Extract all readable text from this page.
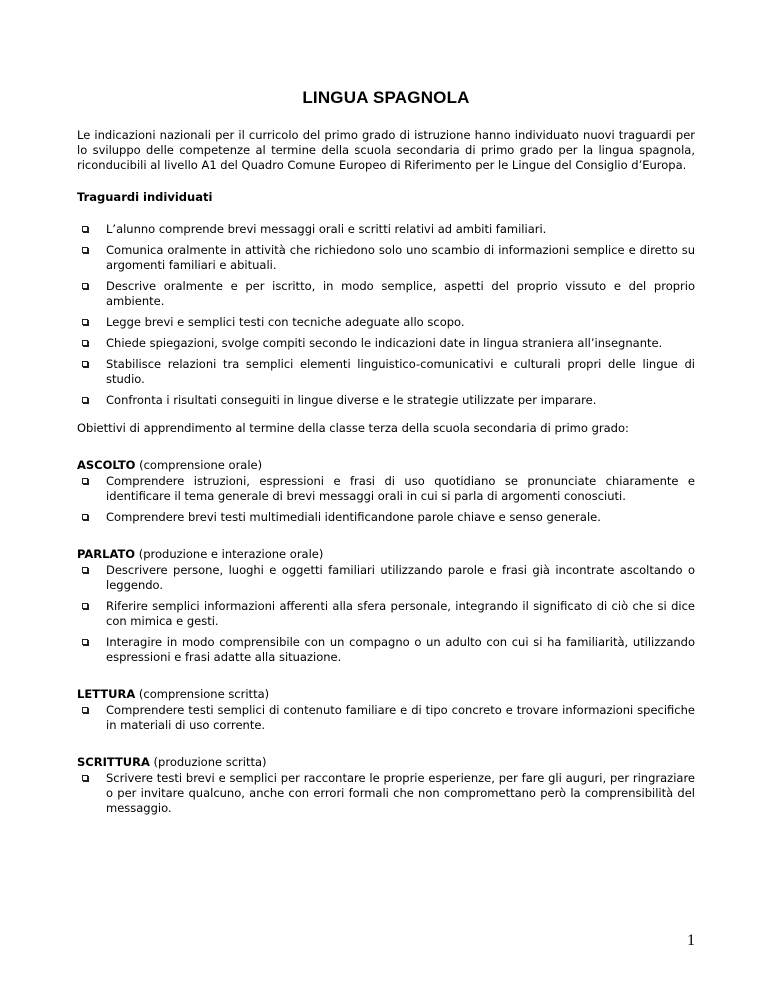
LINGUA SPAGNOLA

Le indicazioni nazionali per il curricolo del primo grado di istruzione hanno individuato nuovi traguardi per lo sviluppo delle competenze al termine della scuola secondaria di primo grado per la lingua spagnola, riconducibili al livello A1 del Quadro Comune Europeo di Riferimento per le Lingue del Consiglio d’Europa.

Traguardi individuati

L’alunno comprende brevi messaggi orali e scritti relativi ad ambiti familiari.
Comunica oralmente in attività che richiedono solo uno scambio di informazioni semplice e diretto su argomenti familiari e abituali.
Descrive oralmente e per iscritto, in modo semplice, aspetti del proprio vissuto e del proprio ambiente.
Legge brevi e semplici testi con tecniche adeguate allo scopo.
Chiede spiegazioni, svolge compiti secondo le indicazioni date in lingua straniera all’insegnante.
Stabilisce relazioni tra semplici elementi linguistico-comunicativi e culturali propri delle lingue di studio.
Confronta i risultati conseguiti in lingue diverse e le strategie utilizzate per imparare.

Obiettivi di apprendimento al termine della classe terza della scuola secondaria di primo grado:

ASCOLTO (comprensione orale)
Comprendere istruzioni, espressioni e frasi di uso quotidiano se pronunciate chiaramente e identificare il tema generale di brevi messaggi orali in cui si parla di argomenti conosciuti.
Comprendere brevi testi multimediali identificandone parole chiave e senso generale.
PARLATO (produzione e interazione orale)
Descrivere persone, luoghi e oggetti familiari utilizzando parole e frasi già incontrate ascoltando o leggendo.
Riferire semplici informazioni afferenti alla sfera personale, integrando il significato di ciò che si dice con mimica e gesti.
Interagire in modo comprensibile con un compagno o un adulto con cui si ha familiarità, utilizzando espressioni e frasi adatte alla situazione.
LETTURA (comprensione scritta)
Comprendere testi semplici di contenuto familiare e di tipo concreto e trovare informazioni specifiche in materiali di uso corrente.
SCRITTURA (produzione scritta)
Scrivere testi brevi e semplici per raccontare le proprie esperienze, per fare gli auguri, per ringraziare o per invitare qualcuno, anche con errori formali che non compromettano però la comprensibilità del messaggio.
1
